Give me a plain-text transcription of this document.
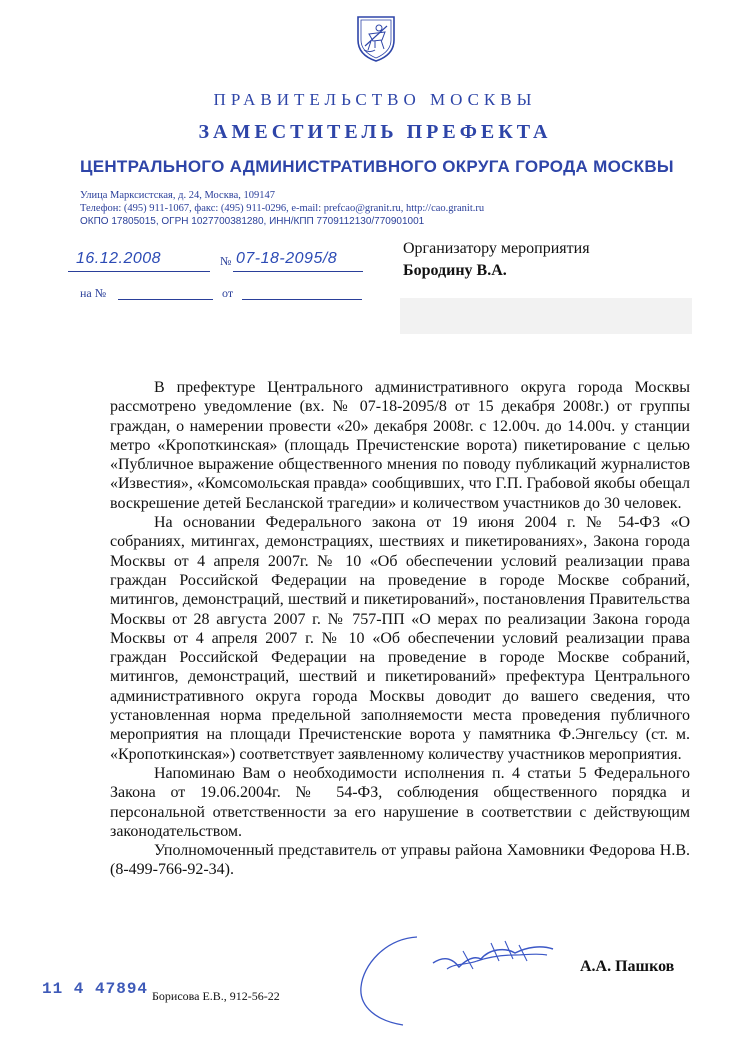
ПРАВИТЕЛЬСТВО МОСКВЫ
ЗАМЕСТИТЕЛЬ ПРЕФЕКТА
ЦЕНТРАЛЬНОГО АДМИНИСТРАТИВНОГО ОКРУГА ГОРОДА МОСКВЫ
Улица Марксистская, д. 24, Москва, 109147
Телефон: (495) 911-1067, факс: (495) 911-0296, e-mail: prefcao@granit.ru, http://cao.granit.ru
ОКПО 17805015, ОГРН 1027700381280, ИНН/КПП 7709112130/770901001
16.12.2008	№ 07-18-2095/8
на №	от
Организатору мероприятия
Бородину В.А.

В префектуре Центрального административного округа города Москвы рассмотрено уведомление (вх. № 07-18-2095/8 от 15 декабря 2008г.) от группы граждан, о намерении провести «20» декабря 2008г. с 12.00ч. до 14.00ч. у станции метро «Кропоткинская» (площадь Пречистенские ворота) пикетирование с целью «Публичное выражение общественного мнения по поводу публикаций журналистов «Известия», «Комсомольская правда» сообщивших, что Г.П. Грабовой якобы обещал воскрешение детей Бесланской трагедии» и количеством участников до 30 человек.

На основании Федерального закона от 19 июня 2004 г. № 54-ФЗ «О собраниях, митингах, демонстрациях, шествиях и пикетированиях», Закона города Москвы от 4 апреля 2007г. № 10 «Об обеспечении условий реализации права граждан Российской Федерации на проведение в городе Москве собраний, митингов, демонстраций, шествий и пикетирований», постановления Правительства Москвы от 28 августа 2007 г. № 757-ПП «О мерах по реализации Закона города Москвы от 4 апреля 2007 г. № 10 «Об обеспечении условий реализации права граждан Российской Федерации на проведение в городе Москве собраний, митингов, демонстраций, шествий и пикетирований» префектура Центрального административного округа города Москвы доводит до вашего сведения, что установленная норма предельной заполняемости места проведения публичного мероприятия на площади Пречистенские ворота у памятника Ф.Энгельсу (ст. м. «Кропоткинская») соответствует заявленному количеству участников мероприятия.

Напоминаю Вам о необходимости исполнения п. 4 статьи 5 Федерального Закона от 19.06.2004г. № 54-ФЗ, соблюдения общественного порядка и персональной ответственности за его нарушение в соответствии с действующим законодательством.

Уполномоченный представитель от управы района Хамовники Федорова Н.В. (8-499-766-92-34).

А.А. Пашков
11 4 47894 Борисова Е.В., 912-56-22
